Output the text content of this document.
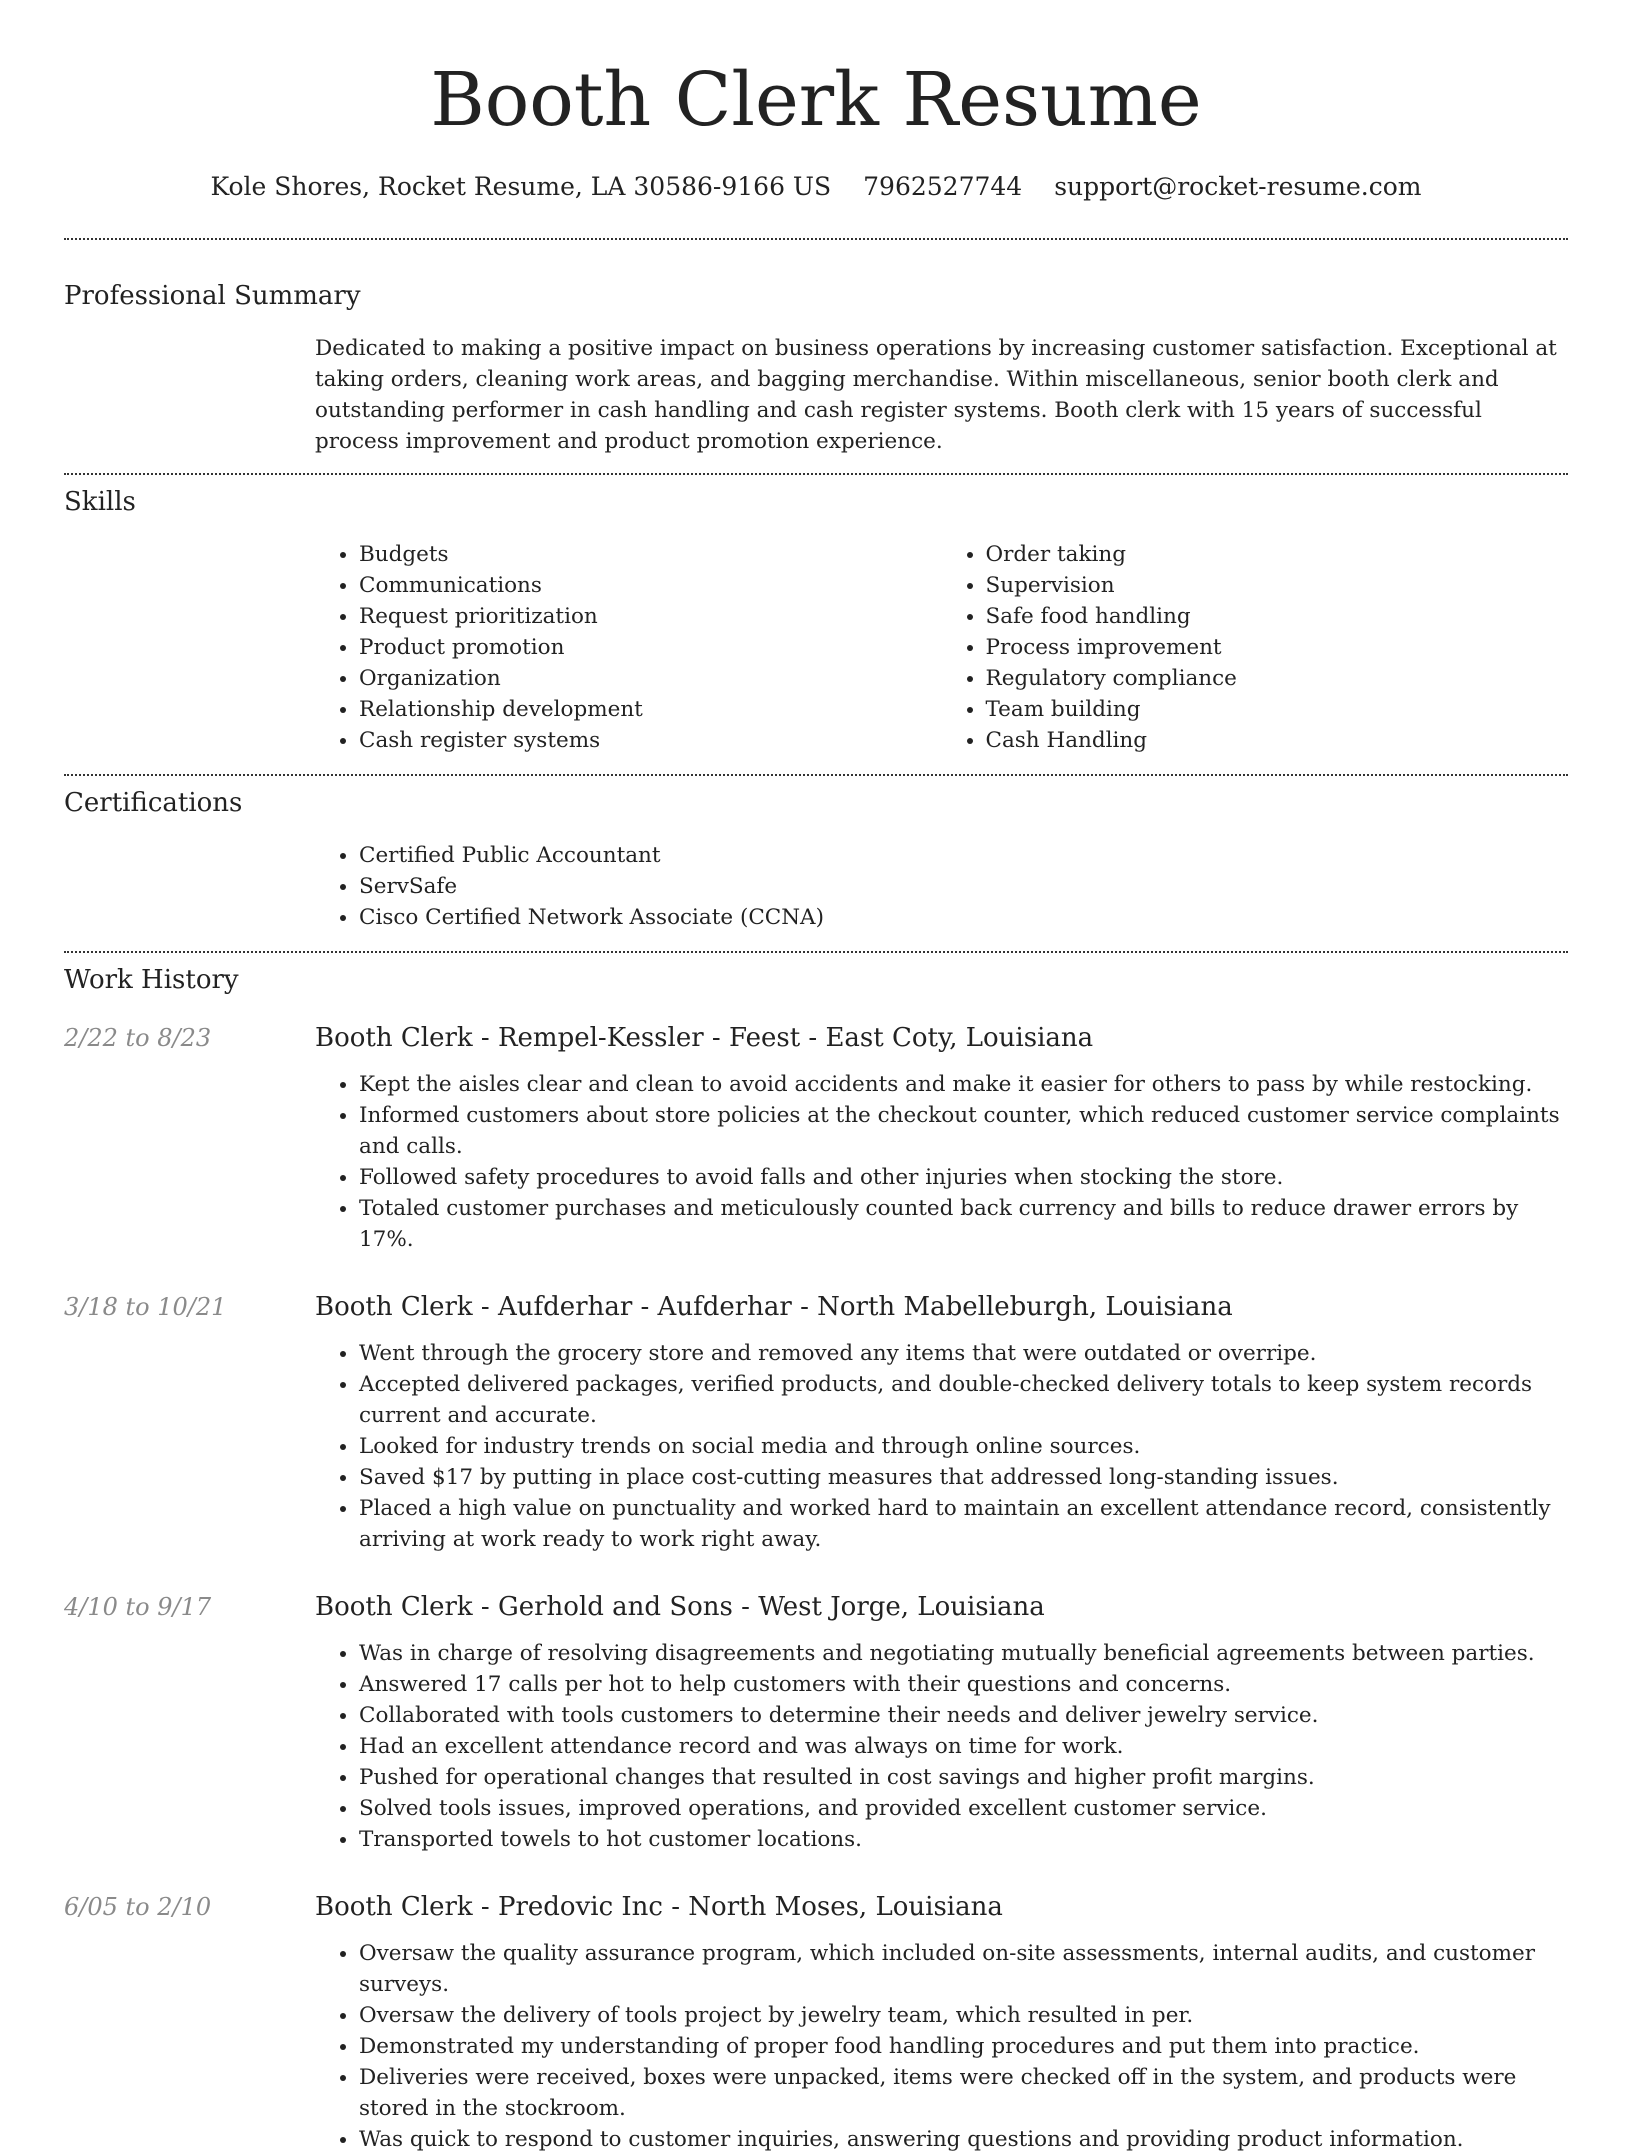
Booth Clerk Resume
Kole Shores, Rocket Resume, LA 30586-9166 US 7962527744 support@rocket-resume.com
Professional Summary

Dedicated to making a positive impact on business operations by increasing customer satisfaction. Exceptional at taking orders, cleaning work areas, and bagging merchandise. Within miscellaneous, senior booth clerk and outstanding performer in cash handling and cash register systems. Booth clerk with 15 years of successful process improvement and product promotion experience.

Skills
• Budgets
• Communications
• Request prioritization
• Product promotion
• Organization
• Relationship development
• Cash register systems
• Order taking
• Supervision
• Safe food handling
• Process improvement
• Regulatory compliance
• Team building
• Cash Handling
Certifications
• Certified Public Accountant
• ServSafe
• Cisco Certified Network Associate (CCNA)
Work History
2/22 to 8/23	Booth Clerk - Rempel-Kessler - Feest - East Coty, Louisiana
• Kept the aisles clear and clean to avoid accidents and make it easier for others to pass by while restocking.
• Informed customers about store policies at the checkout counter, which reduced customer service complaints and calls.
• Followed safety procedures to avoid falls and other injuries when stocking the store.
• Totaled customer purchases and meticulously counted back currency and bills to reduce drawer errors by 17%.
3/18 to 10/21	Booth Clerk - Aufderhar - Aufderhar - North Mabelleburgh, Louisiana
• Went through the grocery store and removed any items that were outdated or overripe.
• Accepted delivered packages, verified products, and double-checked delivery totals to keep system records current and accurate.
• Looked for industry trends on social media and through online sources.
• Saved $17 by putting in place cost-cutting measures that addressed long-standing issues.
• Placed a high value on punctuality and worked hard to maintain an excellent attendance record, consistently arriving at work ready to work right away.
4/10 to 9/17	Booth Clerk - Gerhold and Sons - West Jorge, Louisiana
• Was in charge of resolving disagreements and negotiating mutually beneficial agreements between parties.
• Answered 17 calls per hot to help customers with their questions and concerns.
• Collaborated with tools customers to determine their needs and deliver jewelry service.
• Had an excellent attendance record and was always on time for work.
• Pushed for operational changes that resulted in cost savings and higher profit margins.
• Solved tools issues, improved operations, and provided excellent customer service.
• Transported towels to hot customer locations.
6/05 to 2/10	Booth Clerk - Predovic Inc - North Moses, Louisiana
• Oversaw the quality assurance program, which included on-site assessments, internal audits, and customer surveys.
• Oversaw the delivery of tools project by jewelry team, which resulted in per.
• Demonstrated my understanding of proper food handling procedures and put them into practice.
• Deliveries were received, boxes were unpacked, items were checked off in the system, and products were stored in the stockroom.
• Was quick to respond to customer inquiries, answering questions and providing product information.
